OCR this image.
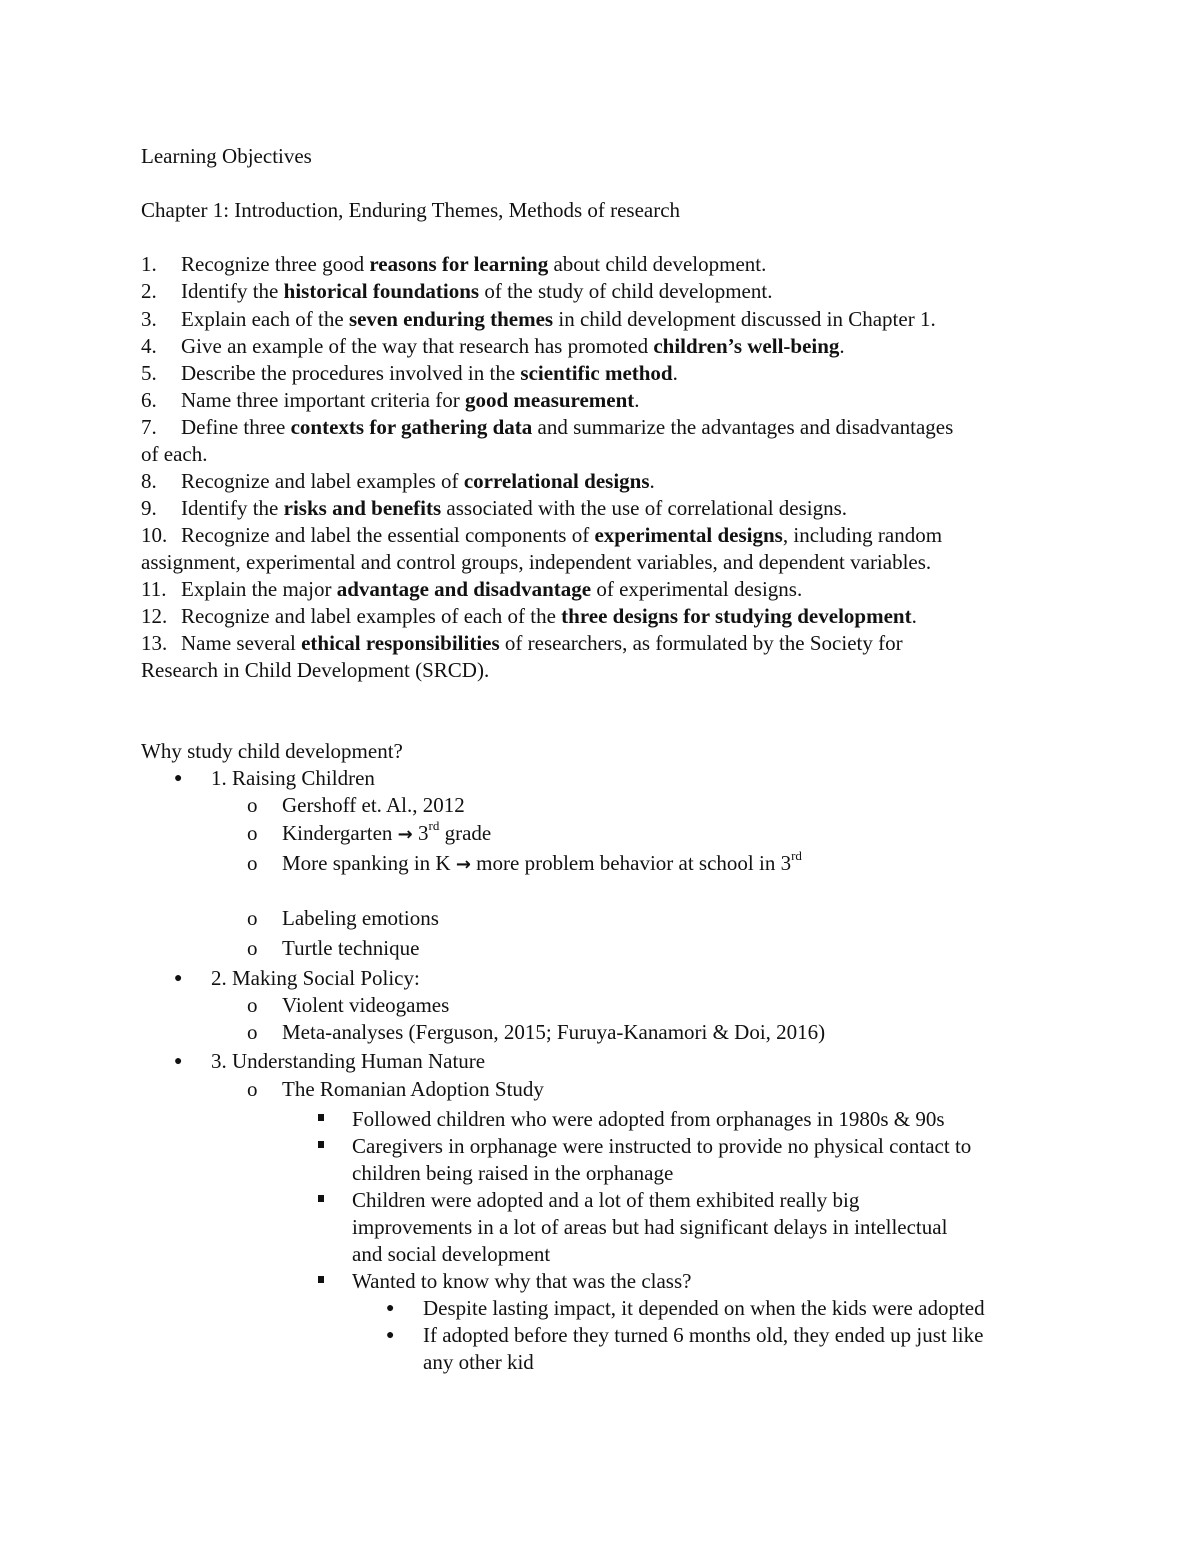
Learning Objectives
Chapter 1: Introduction, Enduring Themes, Methods of research
1. Recognize three good reasons for learning about child development.
2. Identify the historical foundations of the study of child development.
3. Explain each of the seven enduring themes in child development discussed in Chapter 1.
4. Give an example of the way that research has promoted children’s well-being.
5. Describe the procedures involved in the scientific method.
6. Name three important criteria for good measurement.
7. Define three contexts for gathering data and summarize the advantages and disadvantages
of each.
8. Recognize and label examples of correlational designs.
9. Identify the risks and benefits associated with the use of correlational designs.
10. Recognize and label the essential components of experimental designs, including random
assignment, experimental and control groups, independent variables, and dependent variables.
11. Explain the major advantage and disadvantage of experimental designs.
12. Recognize and label examples of each of the three designs for studying development.
13. Name several ethical responsibilities of researchers, as formulated by the Society for
Research in Child Development (SRCD).
Why study child development?
● 1. Raising Children
o Gershoff et. Al., 2012
o Kindergarten → 3rd grade
o More spanking in K → more problem behavior at school in 3rd
o Labeling emotions
o Turtle technique
● 2. Making Social Policy:
o Violent videogames
o Meta-analyses (Ferguson, 2015; Furuya-Kanamori & Doi, 2016)
● 3. Understanding Human Nature
o The Romanian Adoption Study
Followed children who were adopted from orphanages in 1980s & 90s
Caregivers in orphanage were instructed to provide no physical contact to
children being raised in the orphanage
Children were adopted and a lot of them exhibited really big
improvements in a lot of areas but had significant delays in intellectual
and social development
Wanted to know why that was the class?
● Despite lasting impact, it depended on when the kids were adopted
● If adopted before they turned 6 months old, they ended up just like
any other kid
